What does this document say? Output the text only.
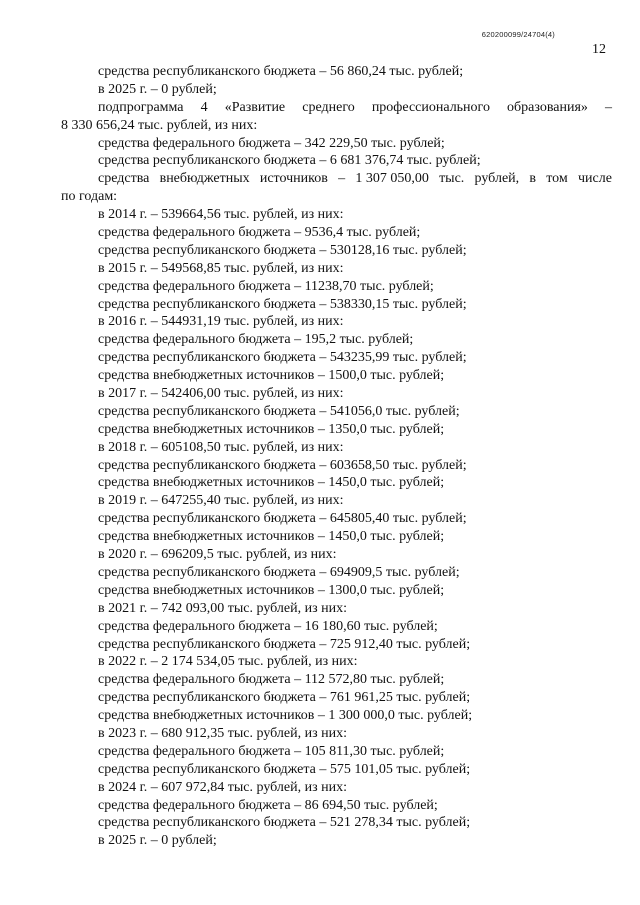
620200099/24704(4)
12
средства республиканского бюджета – 56 860,24 тыс. рублей;
в 2025 г. – 0 рублей;
подпрограмма 4 «Развитие среднего профессионального образования» –
8 330 656,24 тыс. рублей, из них:
средства федерального бюджета – 342 229,50 тыс. рублей;
средства республиканского бюджета – 6 681 376,74 тыс. рублей;
средства внебюджетных источников – 1 307 050,00 тыс. рублей, в том числе
по годам:
в 2014 г. – 539664,56 тыс. рублей, из них:
средства федерального бюджета – 9536,4 тыс. рублей;
средства республиканского бюджета – 530128,16 тыс. рублей;
в 2015 г. – 549568,85 тыс. рублей, из них:
средства федерального бюджета – 11238,70 тыс. рублей;
средства республиканского бюджета – 538330,15 тыс. рублей;
в 2016 г. – 544931,19 тыс. рублей, из них:
средства федерального бюджета – 195,2 тыс. рублей;
средства республиканского бюджета – 543235,99 тыс. рублей;
средства внебюджетных источников – 1500,0 тыс. рублей;
в 2017 г. – 542406,00 тыс. рублей, из них:
средства республиканского бюджета – 541056,0 тыс. рублей;
средства внебюджетных источников – 1350,0 тыс. рублей;
в 2018 г. – 605108,50 тыс. рублей, из них:
средства республиканского бюджета – 603658,50 тыс. рублей;
средства внебюджетных источников – 1450,0 тыс. рублей;
в 2019 г. – 647255,40 тыс. рублей, из них:
средства республиканского бюджета – 645805,40 тыс. рублей;
средства внебюджетных источников – 1450,0 тыс. рублей;
в 2020 г. – 696209,5 тыс. рублей, из них:
средства республиканского бюджета – 694909,5 тыс. рублей;
средства внебюджетных источников – 1300,0 тыс. рублей;
в 2021 г. – 742 093,00 тыс. рублей, из них:
средства федерального бюджета – 16 180,60 тыс. рублей;
средства республиканского бюджета – 725 912,40 тыс. рублей;
в 2022 г. – 2 174 534,05 тыс. рублей, из них:
средства федерального бюджета – 112 572,80 тыс. рублей;
средства республиканского бюджета – 761 961,25 тыс. рублей;
средства внебюджетных источников – 1 300 000,0 тыс. рублей;
в 2023 г. – 680 912,35 тыс. рублей, из них:
средства федерального бюджета – 105 811,30 тыс. рублей;
средства республиканского бюджета – 575 101,05 тыс. рублей;
в 2024 г. – 607 972,84 тыс. рублей, из них:
средства федерального бюджета – 86 694,50 тыс. рублей;
средства республиканского бюджета – 521 278,34 тыс. рублей;
в 2025 г. – 0 рублей;
